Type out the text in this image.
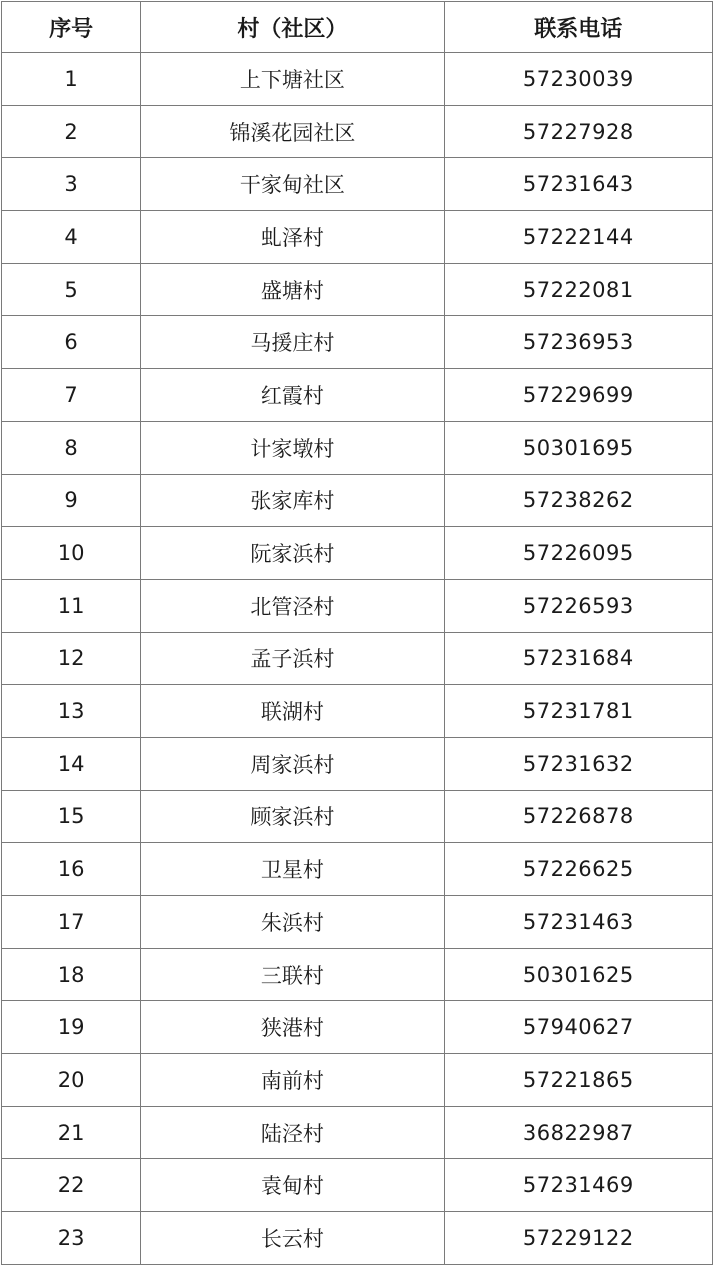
序号	村（社区）	联系电话
1	上下塘社区	57230039
2	锦溪花园社区	57227928
3	干家甸社区	57231643
4	虬泽村	57222144
5	盛塘村	57222081
6	马援庄村	57236953
7	红霞村	57229699
8	计家墩村	50301695
9	张家库村	57238262
10	阮家浜村	57226095
11	北管泾村	57226593
12	孟子浜村	57231684
13	联湖村	57231781
14	周家浜村	57231632
15	顾家浜村	57226878
16	卫星村	57226625
17	朱浜村	57231463
18	三联村	50301625
19	狭港村	57940627
20	南前村	57221865
21	陆泾村	36822987
22	袁甸村	57231469
23	长云村	57229122
